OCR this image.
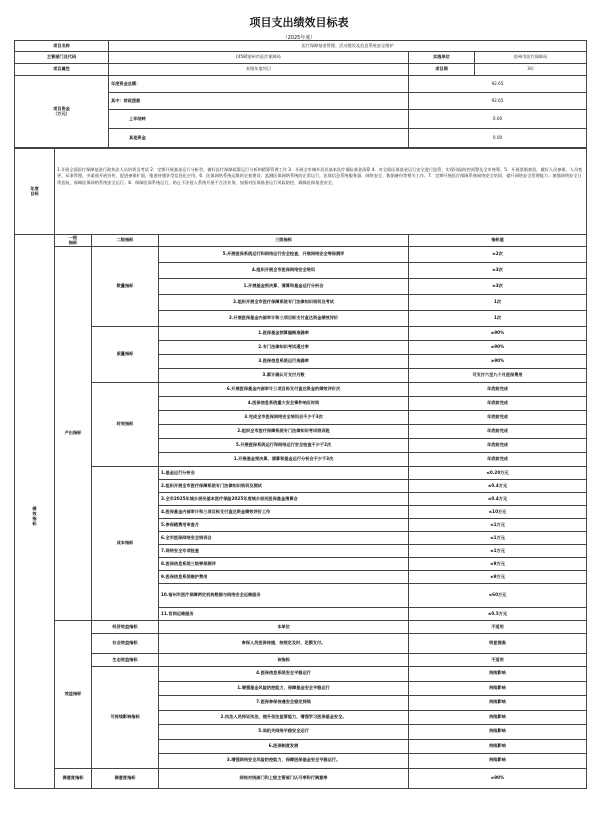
项目支出绩效目标表
（2025年度）
项目名称	医疗保障基金管理、活动建设及信息系统安全维护		
主管部门及代码	[458]宿州市医疗保障局	实施单位	宿州市医疗保障局
项目属性	本级年度项目	项目期	3年
项目资金
（万元）	年度资金总额：	92.65
	其中：财政拨款	92.65
	上年结转	0.00
	其他资金	0.00
年度
目标	1.开展全面医疗保障基金行政执法人员培训及考试 2．定期开展基金运行分析会，做好医疗保障政策运行分析和精算管理工作 3．开展全市城乡居民基本医疗保险基金清算 4．对全面医保基金运行安全进行监管，实现风险防控预警及全市统筹。5．开展票据查验，做好人员参保、人员变更、从事管理，多渠道开展宣传，促进参保扩面，推进待遇享受信息化应用。6．医保网络系统运维的全套建设；监测医保网络系统的正常运行，医保信息系统服务器、网络安全、数据备份等相关工作。7．定期开展医疗保障系统网络安全培训，提升网络安全管理能力；加强网络安全日常巡检，保障医保网络系统安全运行。8．保障医保系统运行，防止不法侵入系统开展不合法业务，加强对医保基金运行风险防控，确保医保基金安全。
	一级
指标	二级指标	三级指标	指标值
绩
效
指
标	产出指标	数量指标	5.开展医保系统运行和网络运行安全检查，开展网络安全等保测评	≥2次
			4.组织开展全市医保网络安全培训	≥3次
			1.开展基金预决算、清算和基金运行分析会	≥3次
			2.组织开展全市医疗保障系统专门法律知识培训及考试	1次
			3.开展医保基金内部审计和三项目标支付直达资金绩效评价	1次
		质量指标	1.医保基金预算编制准确率	≥90%
			2.专门法律知识考试通过率	≥90%
			3.医保信息系统运行准确率	≥90%
			3.累计确认可支付月数	可支付六至九个月医保费用
		时效指标	6.开展医保基金内部审计三项目标支付直达资金的绩效评价次	年底前完成
			4.医保信息系统重大安全事件响应时间	年底前完成
			3.完成全市医保网络安全培训会不少于3次	年底前完成
			2.组织全市医疗保障系统专门法律知识考试培训班	年底前完成
			5.开展医保系统运行和网络运行安全检查不少于2次	年底前完成
			1.开展基金预决算、清算和基金运行分析会不少于3次	年底前完成
		成本指标	1.基金运行分析会	≤0.20万元
			2.组织开展全市医疗保障系统专门法律知识培训及测试	≤0.4万元
			3.全市2025年城乡居民基本医疗保险2025年度城乡居民医保基金清算会	≤0.4万元
			4.医保基金内部审计和三项目标支付直达资金绩效评价工作	≤10万元
			5.参保随费用审查月	≤1万元
			6.全市医保网络安全培训会	≤1万元
			7.网络安全专项检查	≤1万元
			8.医保信息系统三级等保测评	≤9万元
			9.医保信息系统维护费用	≤9万元
			10.宿州市医疗保障两定机构数据与网络安全运维服务	≤60万元
			11.官网运维服务	≤0.5万元
	效益指标	经济效益指标	本单位	不适用
		社会效益指标	参保人员医保待遇，按规定及时、足额支付。	明显提高
		生态效益指标	该指标	不适用
		可持续影响指标	4.医保信息系统安全平稳运行	持续影响
			1.增强基金风险防控能力，保障基金安全平稳运行	持续影响
			7.医保参保待遇安全稳定持续	持续影响
			2.执法人员持证执法，提升依法监管能力，增强学习医保基金安全。	持续影响
			5.局机关网络平稳安全运行	持续影响
			6.医保制度发展	持续影响
			3.增强网络安全风险防控能力，保障医保基金安全平稳运行。	持续影响
	满意度指标	满意度指标	网络对线部门和上级主管部门认可率和行满意率	≥90%
